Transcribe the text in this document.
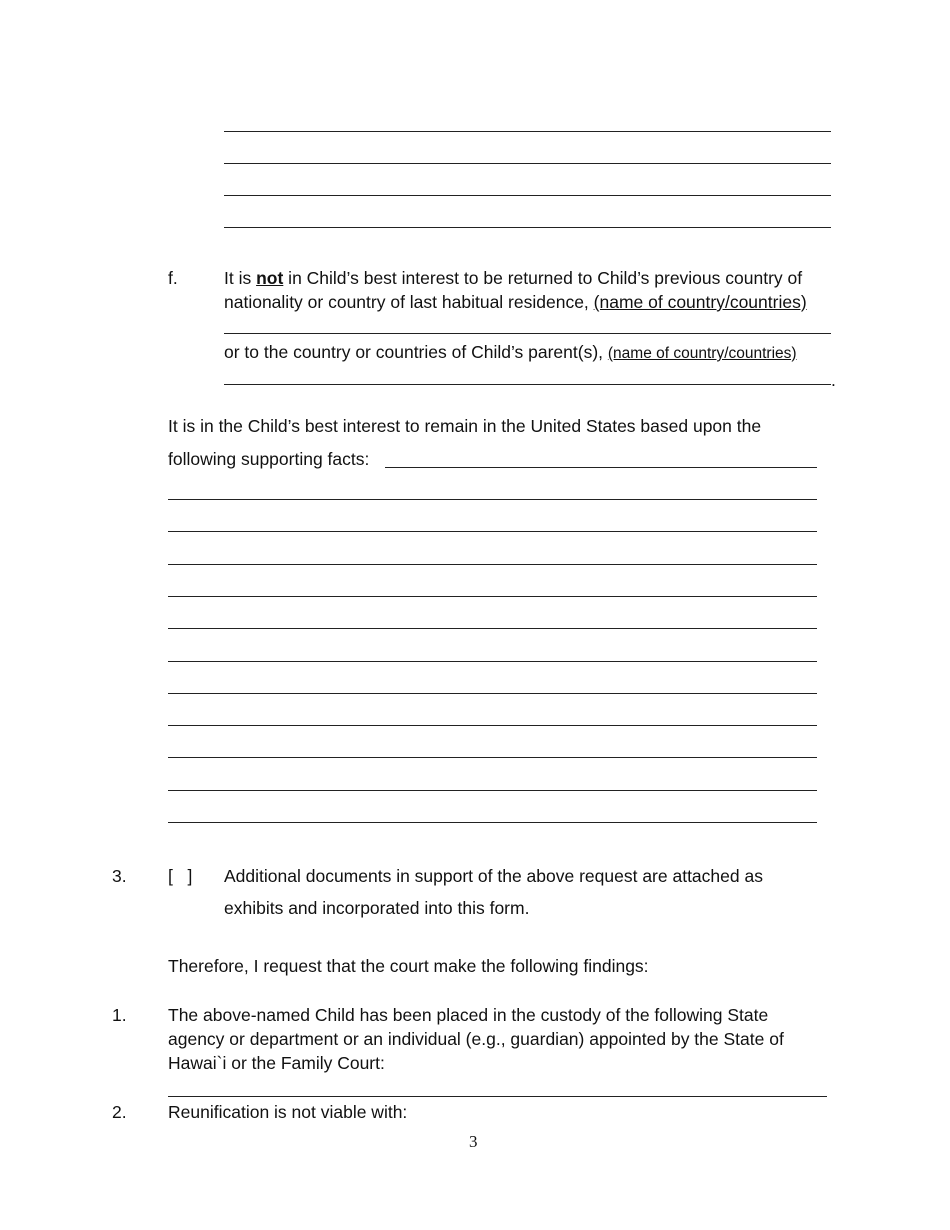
f.	It is not in Child’s best interest to be returned to Child’s previous country of
nationality or country of last habitual residence, (name of country/countries)
or to the country or countries of Child’s parent(s), (name of country/countries)
.
It is in the Child’s best interest to remain in the United States based upon the
following supporting facts:
3. [   ] Additional documents in support of the above request are attached as
exhibits and incorporated into this form.
Therefore, I request that the court make the following findings:
1. The above-named Child has been placed in the custody of the following State
agency or department or an individual (e.g., guardian) appointed by the State of
Hawai`i or the Family Court:
2. Reunification is not viable with:
3
